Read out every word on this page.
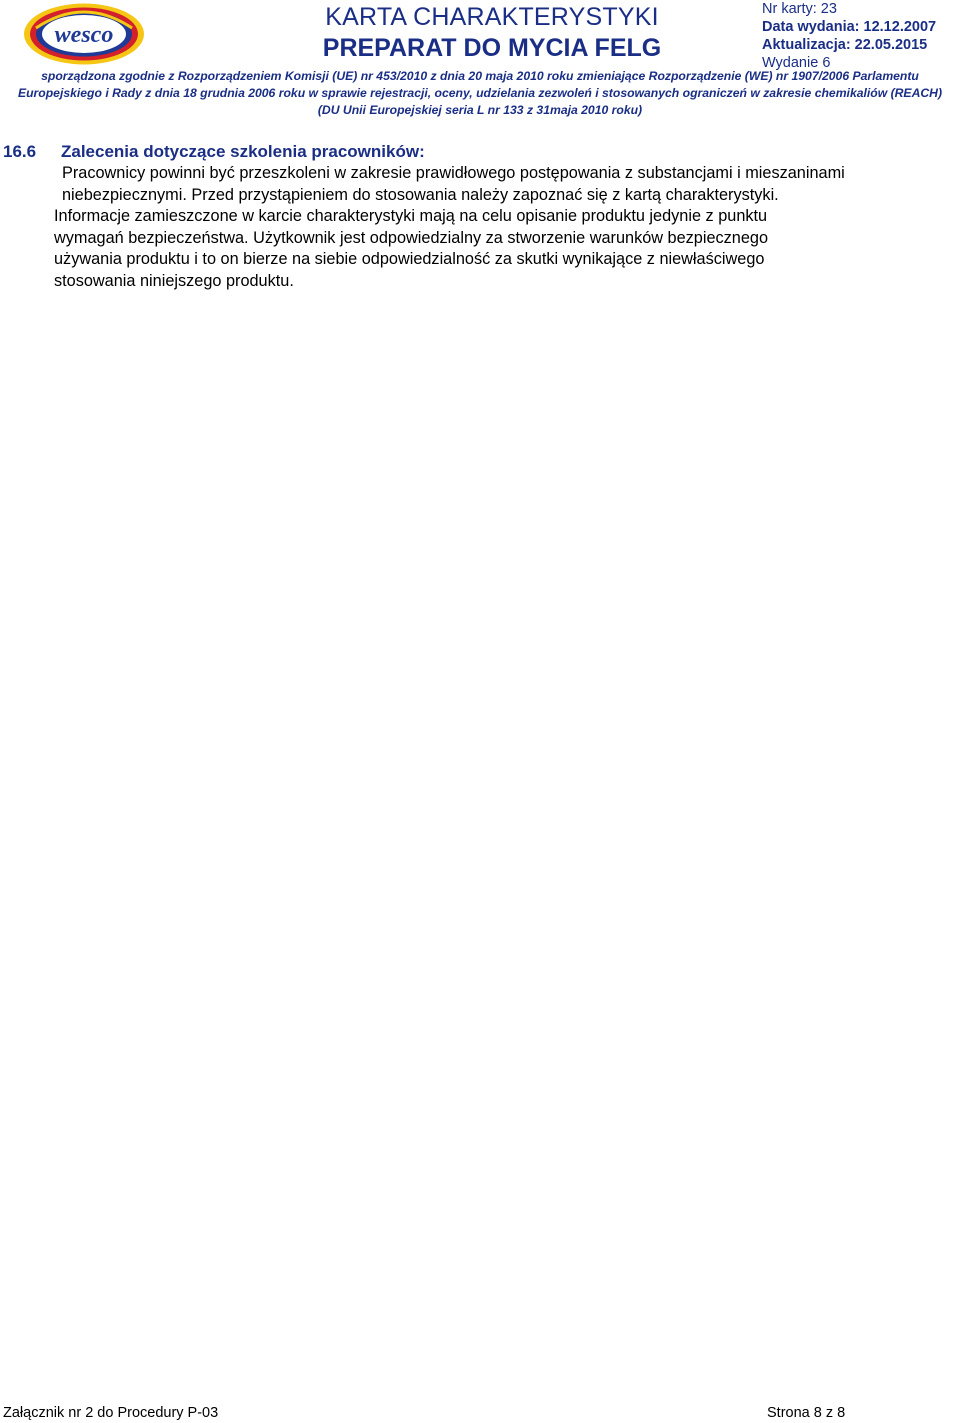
wesco
KARTA CHARAKTERYSTYKI
PREPARAT DO MYCIA FELG
Nr karty: 23
Data wydania: 12.12.2007
Aktualizacja: 22.05.2015
Wydanie 6
sporządzona zgodnie z Rozporządzeniem Komisji (UE) nr 453/2010 z dnia 20 maja 2010 roku zmieniające Rozporządzenie (WE) nr 1907/2006 Parlamentu
Europejskiego i Rady z dnia 18 grudnia 2006 roku w sprawie rejestracji, oceny, udzielania zezwoleń i stosowanych ograniczeń w zakresie chemikaliów (REACH)
(DU Unii Europejskiej seria L nr 133 z 31maja 2010 roku)
16.6 Zalecenia dotyczące szkolenia pracowników:
Pracownicy powinni być przeszkoleni w zakresie prawidłowego postępowania z substancjami i mieszaninami
niebezpiecznymi. Przed przystąpieniem do stosowania należy zapoznać się z kartą charakterystyki.
Informacje zamieszczone w karcie charakterystyki mają na celu opisanie produktu jedynie z punktu
wymagań bezpieczeństwa. Użytkownik jest odpowiedzialny za stworzenie warunków bezpiecznego
używania produktu i to on bierze na siebie odpowiedzialność za skutki wynikające z niewłaściwego
stosowania niniejszego produktu.
Załącznik nr 2 do Procedury P-03	Strona 8 z 8
